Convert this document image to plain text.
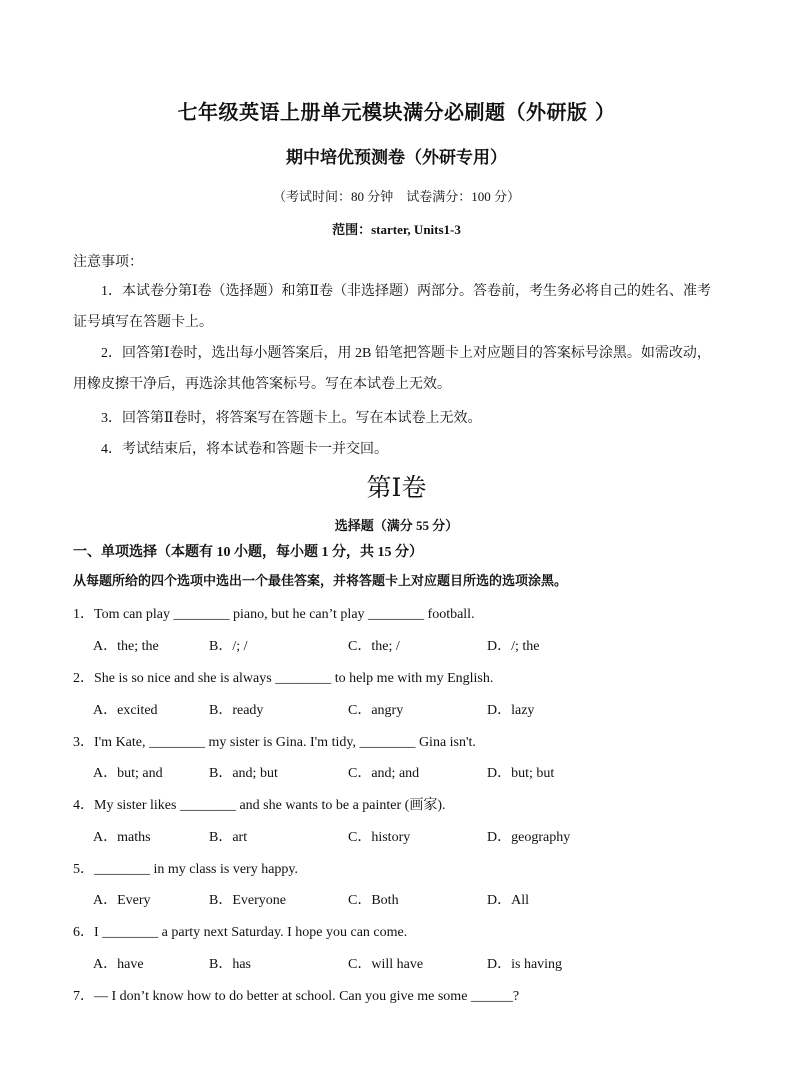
七年级英语上册单元模块满分必刷题（外研版 ）
期中培优预测卷（外研专用）
（考试时间：80 分钟　试卷满分：100 分）
范围：starter, Units1-3
注意事项：

1．本试卷分第Ⅰ卷（选择题）和第Ⅱ卷（非选择题）两部分。答卷前，考生务必将自己的姓名、准考证号填写在答题卡上。

2．回答第Ⅰ卷时，选出每小题答案后，用 2B 铅笔把答题卡上对应题目的答案标号涂黑。如需改动，用橡皮擦干净后，再选涂其他答案标号。写在本试卷上无效。

3．回答第Ⅱ卷时，将答案写在答题卡上。写在本试卷上无效。

4．考试结束后，将本试卷和答题卡一并交回。

第Ⅰ卷
选择题（满分 55 分）
一、单项选择（本题有 10 小题，每小题 1 分，共 15 分）
从每题所给的四个选项中选出一个最佳答案，并将答题卡上对应题目所选的选项涂黑。
1．Tom can play ________ piano, but he can’t play ________ football.
A．the; the	B．/; /	C．the; /	D．/; the
2．She is so nice and she is always ________ to help me with my English.
A．excited	B．ready	C．angry	D．lazy
3．I'm Kate, ________ my sister is Gina. I'm tidy, ________ Gina isn't.
A．but; and	B．and; but	C．and; and	D．but; but
4．My sister likes ________ and she wants to be a painter (画家).
A．maths	B．art	C．history	D．geography
5．________ in my class is very happy.
A．Every	B．Everyone	C．Both	D．All
6．I ________ a party next Saturday. I hope you can come.
A．have	B．has	C．will have	D．is having
7．— I don’t know how to do better at school. Can you give me some ______?
